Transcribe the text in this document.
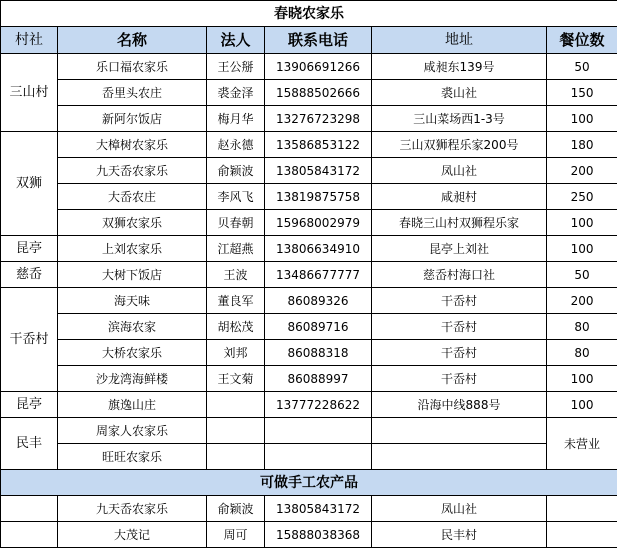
春晓农家乐					
村社	名称	法人	联系电话	地址	餐位数
三山村	乐口福农家乐	王公掰	13906691266	咸昶东139号	50
	岙里头农庄	裘金泽	15888502666	裘山社	150
	新阿尔饭店	梅月华	13276723298	三山菜场西1-3号	100
双狮	大樟树农家乐	赵永德	13586853122	三山双狮程乐家200号	180
	九天岙农家乐	俞颖波	13805843172	凤山社	200
	大岙农庄	李风飞	13819875758	咸昶村	250
	双狮农家乐	贝春朝	15968002979	春晓三山村双狮程乐家	100
昆亭	上刘农家乐	江超燕	13806634910	昆亭上刘社	100
慈岙	大树下饭店	王波	13486677777	慈岙村海口社	50
干岙村	海天味	董良军	86089326	干岙村	200
	滨海农家	胡松茂	86089716	干岙村	80
	大桥农家乐	刘邦	86088318	干岙村	80
	沙龙湾海鲜楼	王文菊	86088997	干岙村	100
昆亭	旗逸山庄		13777228622	沿海中线888号	100
民丰	周家人农家乐				未营业
	旺旺农家乐				
可做手工农产品					
	九天岙农家乐	俞颖波	13805843172	凤山社	
	大茂记	周可	15888038368	民丰村	
